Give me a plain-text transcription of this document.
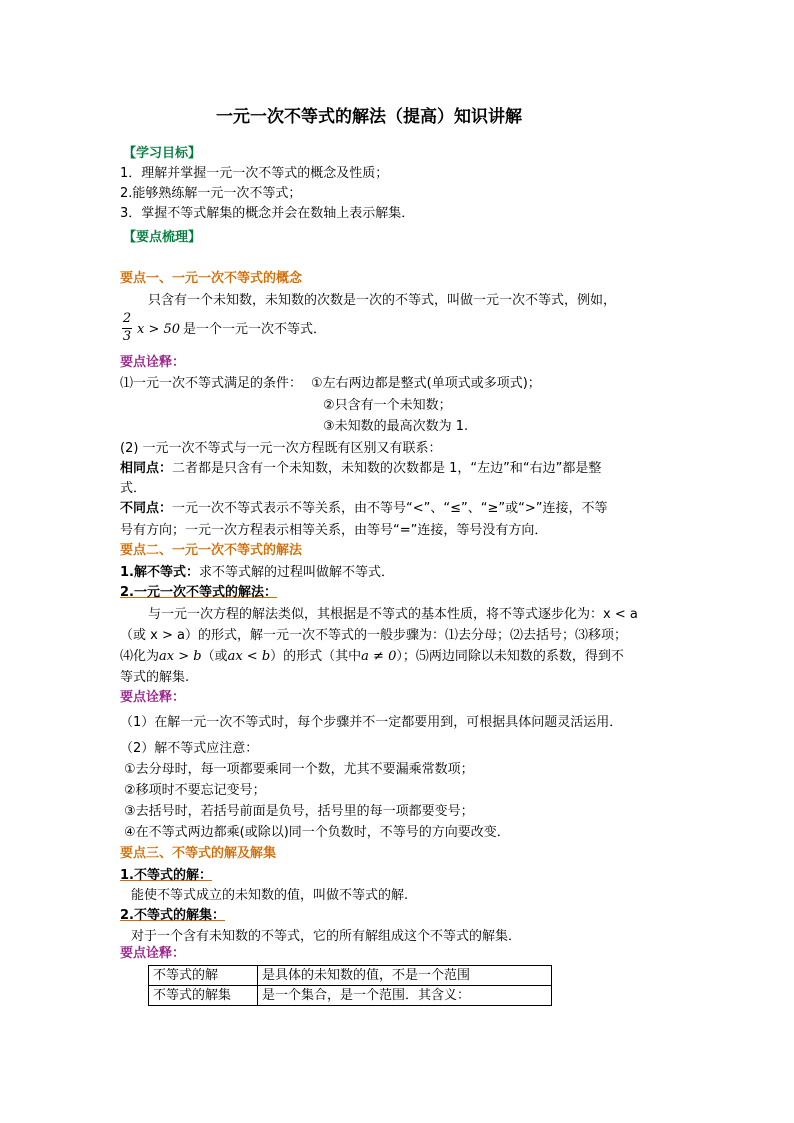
一元一次不等式的解法（提高）知识讲解
【学习目标】
1．理解并掌握一元一次不等式的概念及性质；
2.能够熟练解一元一次不等式；
3．掌握不等式解集的概念并会在数轴上表示解集．
【要点梳理】
要点一、一元一次不等式的概念
只含有一个未知数，未知数的次数是一次的不等式，叫做一元一次不等式，例如，
2
3 x > 50 是一个一元一次不等式．
要点诠释：
⑴一元一次不等式满足的条件： ①左右两边都是整式(单项式或多项式)；
②只含有一个未知数；
③未知数的最高次数为 1.
(2) 一元一次不等式与一元一次方程既有区别又有联系：
相同点：二者都是只含有一个未知数，未知数的次数都是 1，“左边”和“右边”都是整
式．
不同点：一元一次不等式表示不等关系，由不等号“<”、“≤”、“≥”或“>”连接，不等
号有方向；一元一次方程表示相等关系，由等号“=”连接，等号没有方向．
要点二、一元一次不等式的解法
1.解不等式：求不等式解的过程叫做解不等式．
2.一元一次不等式的解法：
与一元一次方程的解法类似，其根据是不等式的基本性质，将不等式逐步化为：x < a
（或 x > a）的形式，解一元一次不等式的一般步骤为：⑴去分母；⑵去括号；⑶移项；
⑷化为ax > b（或ax < b）的形式（其中a ≠ 0）；⑸两边同除以未知数的系数，得到不
等式的解集.
要点诠释：
（1）在解一元一次不等式时，每个步骤并不一定都要用到，可根据具体问题灵活运用．
（2）解不等式应注意：
①去分母时，每一项都要乘同一个数，尤其不要漏乘常数项；
②移项时不要忘记变号；
③去括号时，若括号前面是负号，括号里的每一项都要变号；
④在不等式两边都乘(或除以)同一个负数时，不等号的方向要改变．
要点三、不等式的解及解集
1.不等式的解：
能使不等式成立的未知数的值，叫做不等式的解.
2.不等式的解集：
对于一个含有未知数的不等式，它的所有解组成这个不等式的解集．
要点诠释：
不等式的解	是具体的未知数的值，不是一个范围
不等式的解集	是一个集合，是一个范围．其含义：
